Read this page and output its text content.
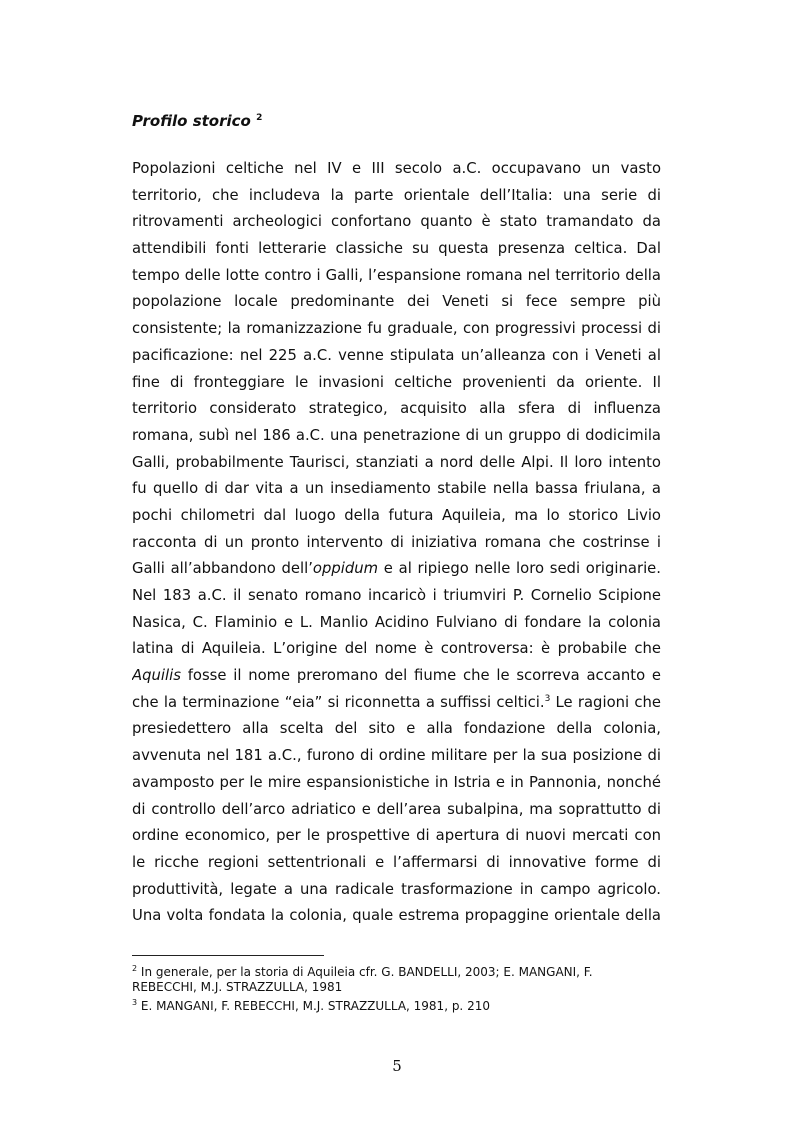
Profilo storico $^2$
Popolazioni celtiche nel IV e III secolo a.C. occupavano un vasto
territorio, che includeva la parte orientale dell’Italia: una serie di
ritrovamenti archeologici confortano quanto è stato tramandato da
attendibili fonti letterarie classiche su questa presenza celtica. Dal
tempo delle lotte contro i Galli, l’espansione romana nel territorio della
popolazione locale predominante dei Veneti si fece sempre più
consistente; la romanizzazione fu graduale, con progressivi processi di
pacificazione: nel 225 a.C. venne stipulata un’alleanza con i Veneti al
fine di fronteggiare le invasioni celtiche provenienti da oriente. Il
territorio considerato strategico, acquisito alla sfera di influenza
romana, subì nel 186 a.C. una penetrazione di un gruppo di dodicimila
Galli, probabilmente Taurisci, stanziati a nord delle Alpi. Il loro intento
fu quello di dar vita a un insediamento stabile nella bassa friulana, a
pochi chilometri dal luogo della futura Aquileia, ma lo storico Livio
racconta di un pronto intervento di iniziativa romana che costrinse i
Galli all’abbandono dell’oppidum e al ripiego nelle loro sedi originarie.
Nel 183 a.C. il senato romano incaricò i triumviri P. Cornelio Scipione
Nasica, C. Flaminio e L. Manlio Acidino Fulviano di fondare la colonia
latina di Aquileia. L’origine del nome è controversa: è probabile che
Aquilis fosse il nome preromano del fiume che le scorreva accanto e
che la terminazione “eia” si riconnetta a suffissi celtici.$^3$ Le ragioni che
presiedettero alla scelta del sito e alla fondazione della colonia,
avvenuta nel 181 a.C., furono di ordine militare per la sua posizione di
avamposto per le mire espansionistiche in Istria e in Pannonia, nonché
di controllo dell’arco adriatico e dell’area subalpina, ma soprattutto di
ordine economico, per le prospettive di apertura di nuovi mercati con
le ricche regioni settentrionali e l’affermarsi di innovative forme di
produttività, legate a una radicale trasformazione in campo agricolo.
Una volta fondata la colonia, quale estrema propaggine orientale della
$^2$ In generale, per la storia di Aquileia cfr. G. BANDELLI, 2003; E. MANGANI, F.
REBECCHI, M.J. STRAZZULLA, 1981
$^3$ E. MANGANI, F. REBECCHI, M.J. STRAZZULLA, 1981, p. 210
5
